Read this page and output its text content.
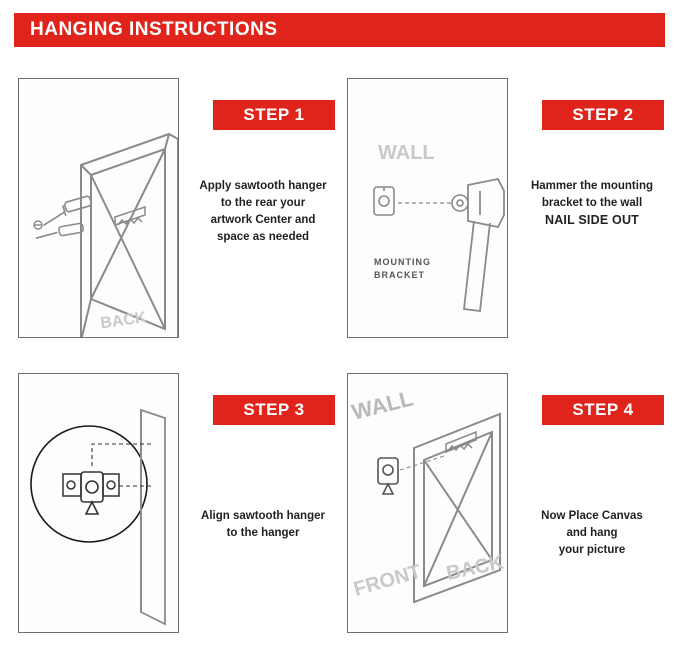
HANGING INSTRUCTIONS
BACK
STEP 1
Apply sawtooth hanger
to the rear your
artwork Center and
space as needed
WALL
MOUNTING
BRACKET
STEP 2
Hammer the mounting
bracket to the wall
NAIL SIDE OUT
STEP 3
Align sawtooth hanger
to the hanger
WALL
FRONT BACK
STEP 4
Now Place Canvas
and hang
your picture
